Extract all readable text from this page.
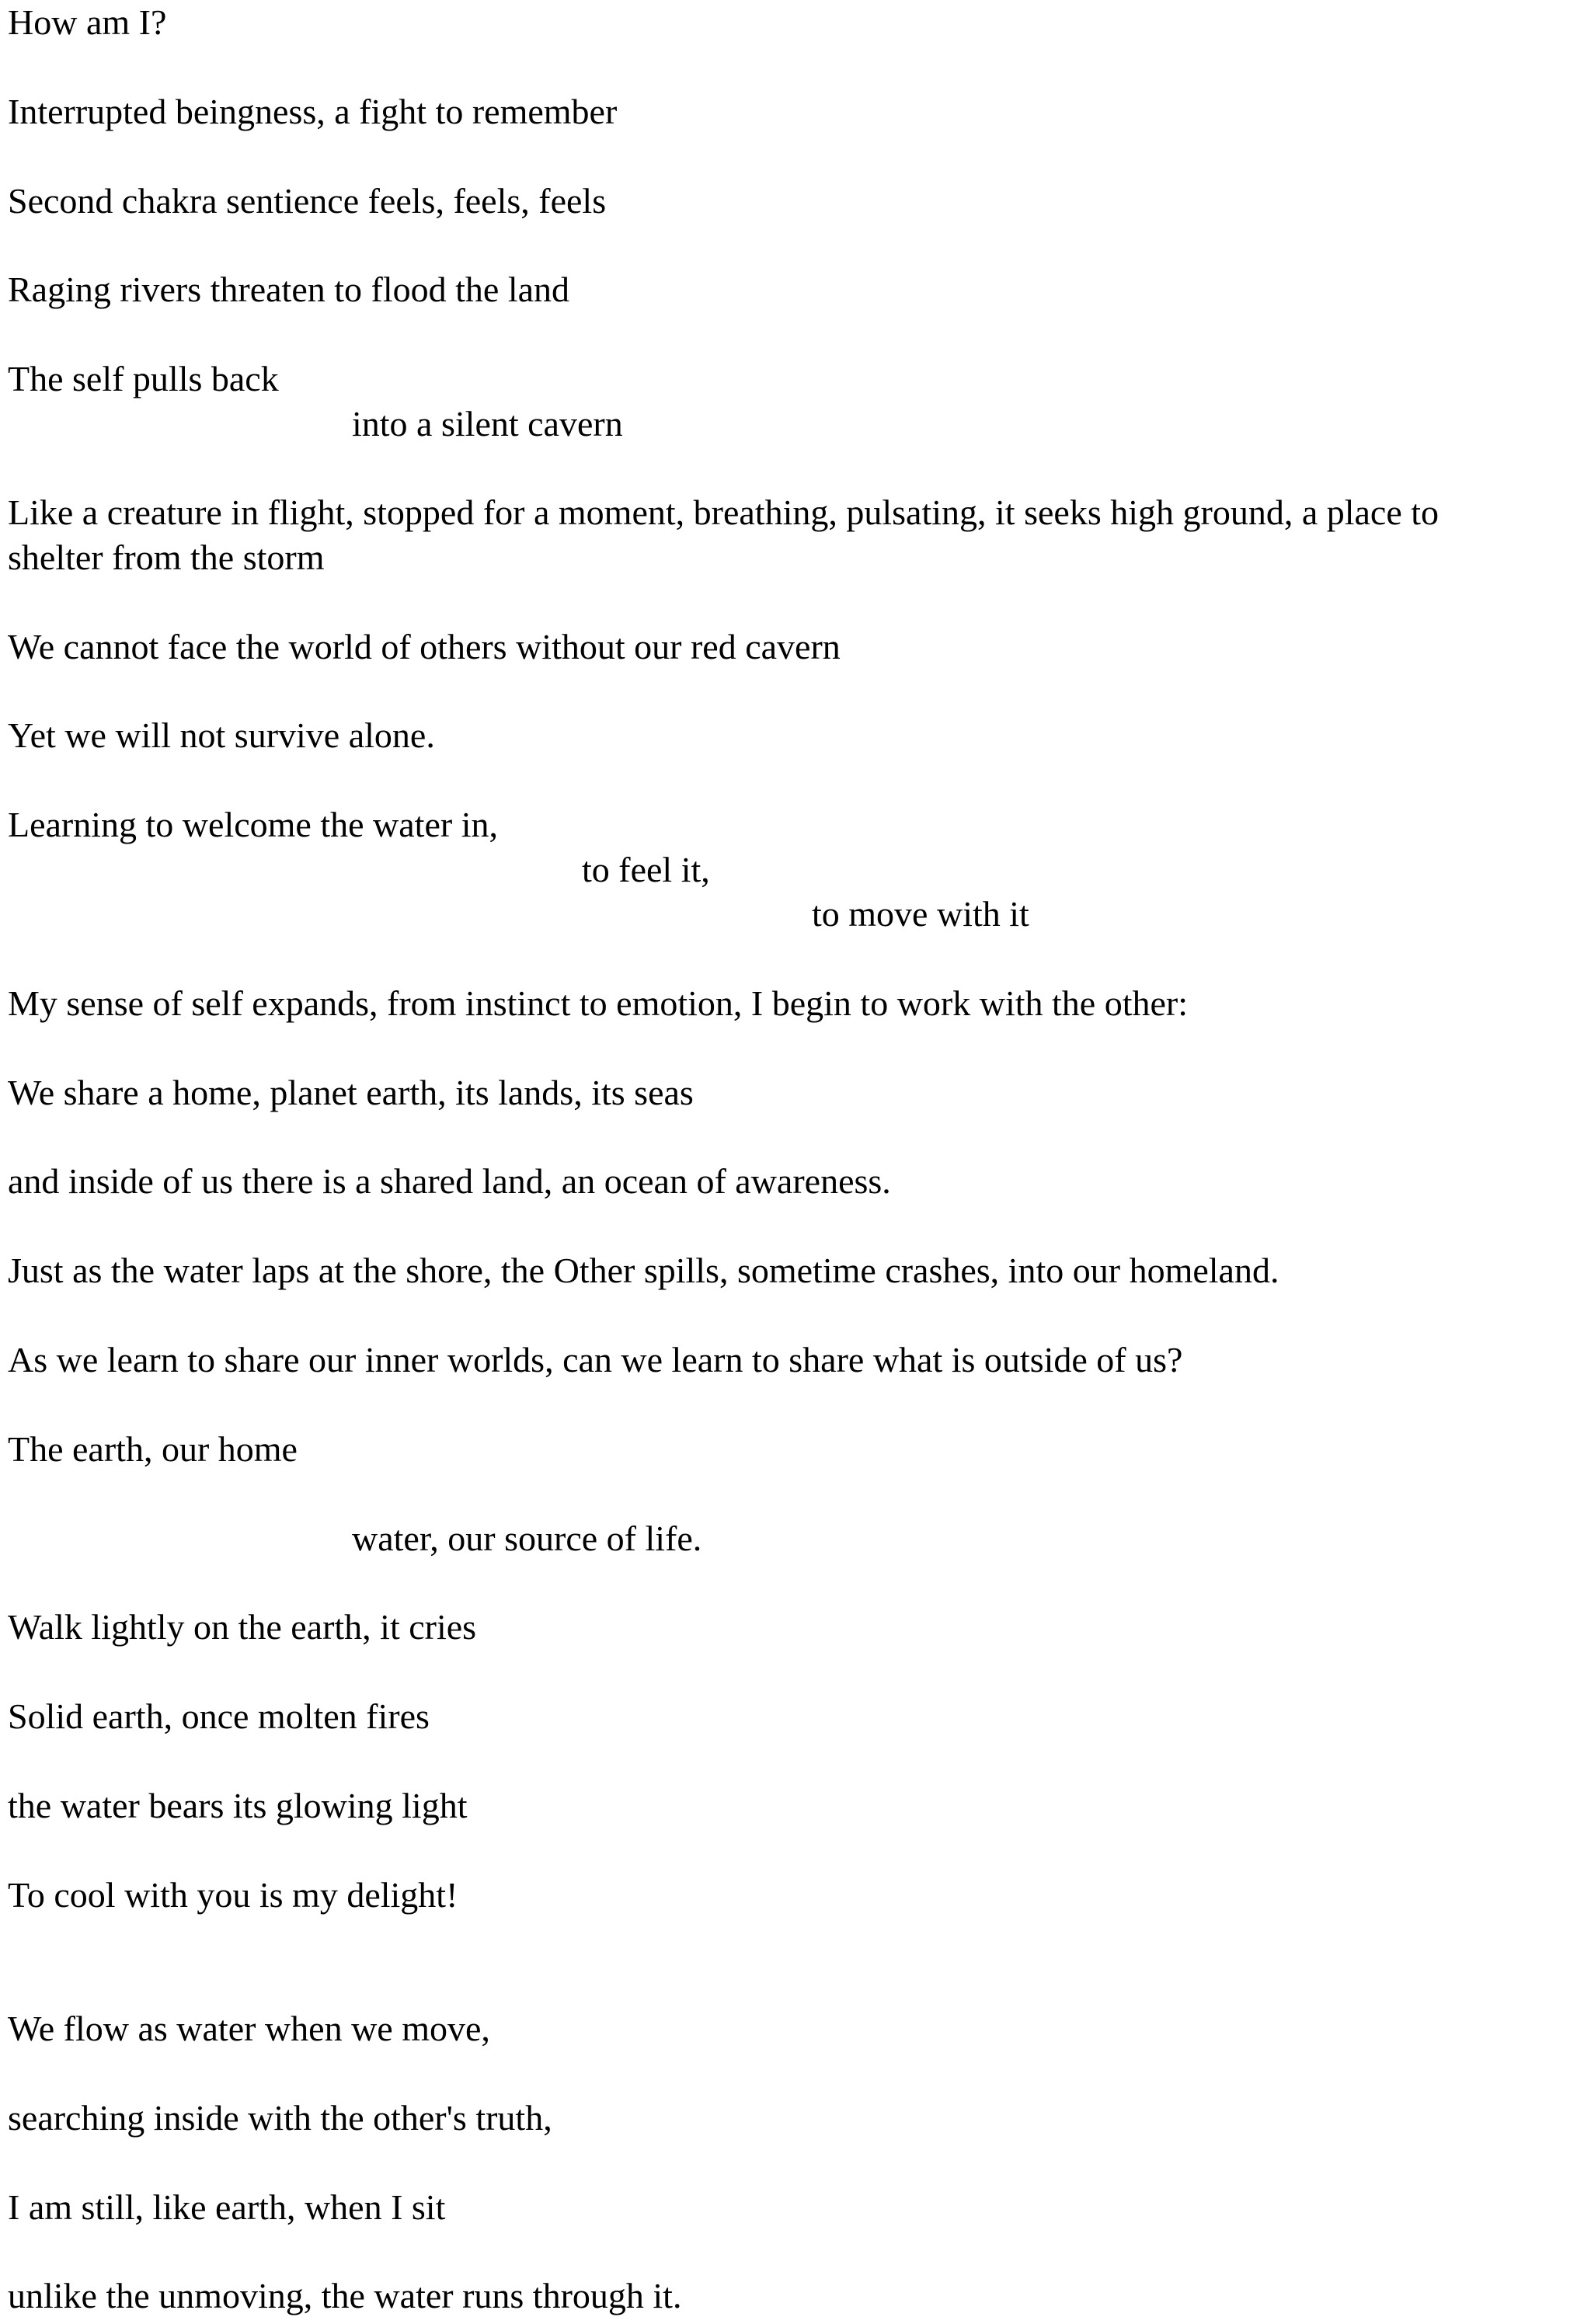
How am I?
Interrupted beingness, a fight to remember
Second chakra sentience feels, feels, feels
Raging rivers threaten to flood the land
The self pulls back
into a silent cavern
Like a creature in flight, stopped for a moment, breathing, pulsating, it seeks high ground, a place to
shelter from the storm
We cannot face the world of others without our red cavern
Yet we will not survive alone.
Learning to welcome the water in,
to feel it,
to move with it
My sense of self expands, from instinct to emotion, I begin to work with the other:
We share a home, planet earth, its lands, its seas
and inside of us there is a shared land, an ocean of awareness.
Just as the water laps at the shore, the Other spills, sometime crashes, into our homeland.
As we learn to share our inner worlds, can we learn to share what is outside of us?
The earth, our home
water, our source of life.
Walk lightly on the earth, it cries
Solid earth, once molten fires
the water bears its glowing light
To cool with you is my delight!
We flow as water when we move,
searching inside with the other's truth,
I am still, like earth, when I sit
unlike the unmoving, the water runs through it.
